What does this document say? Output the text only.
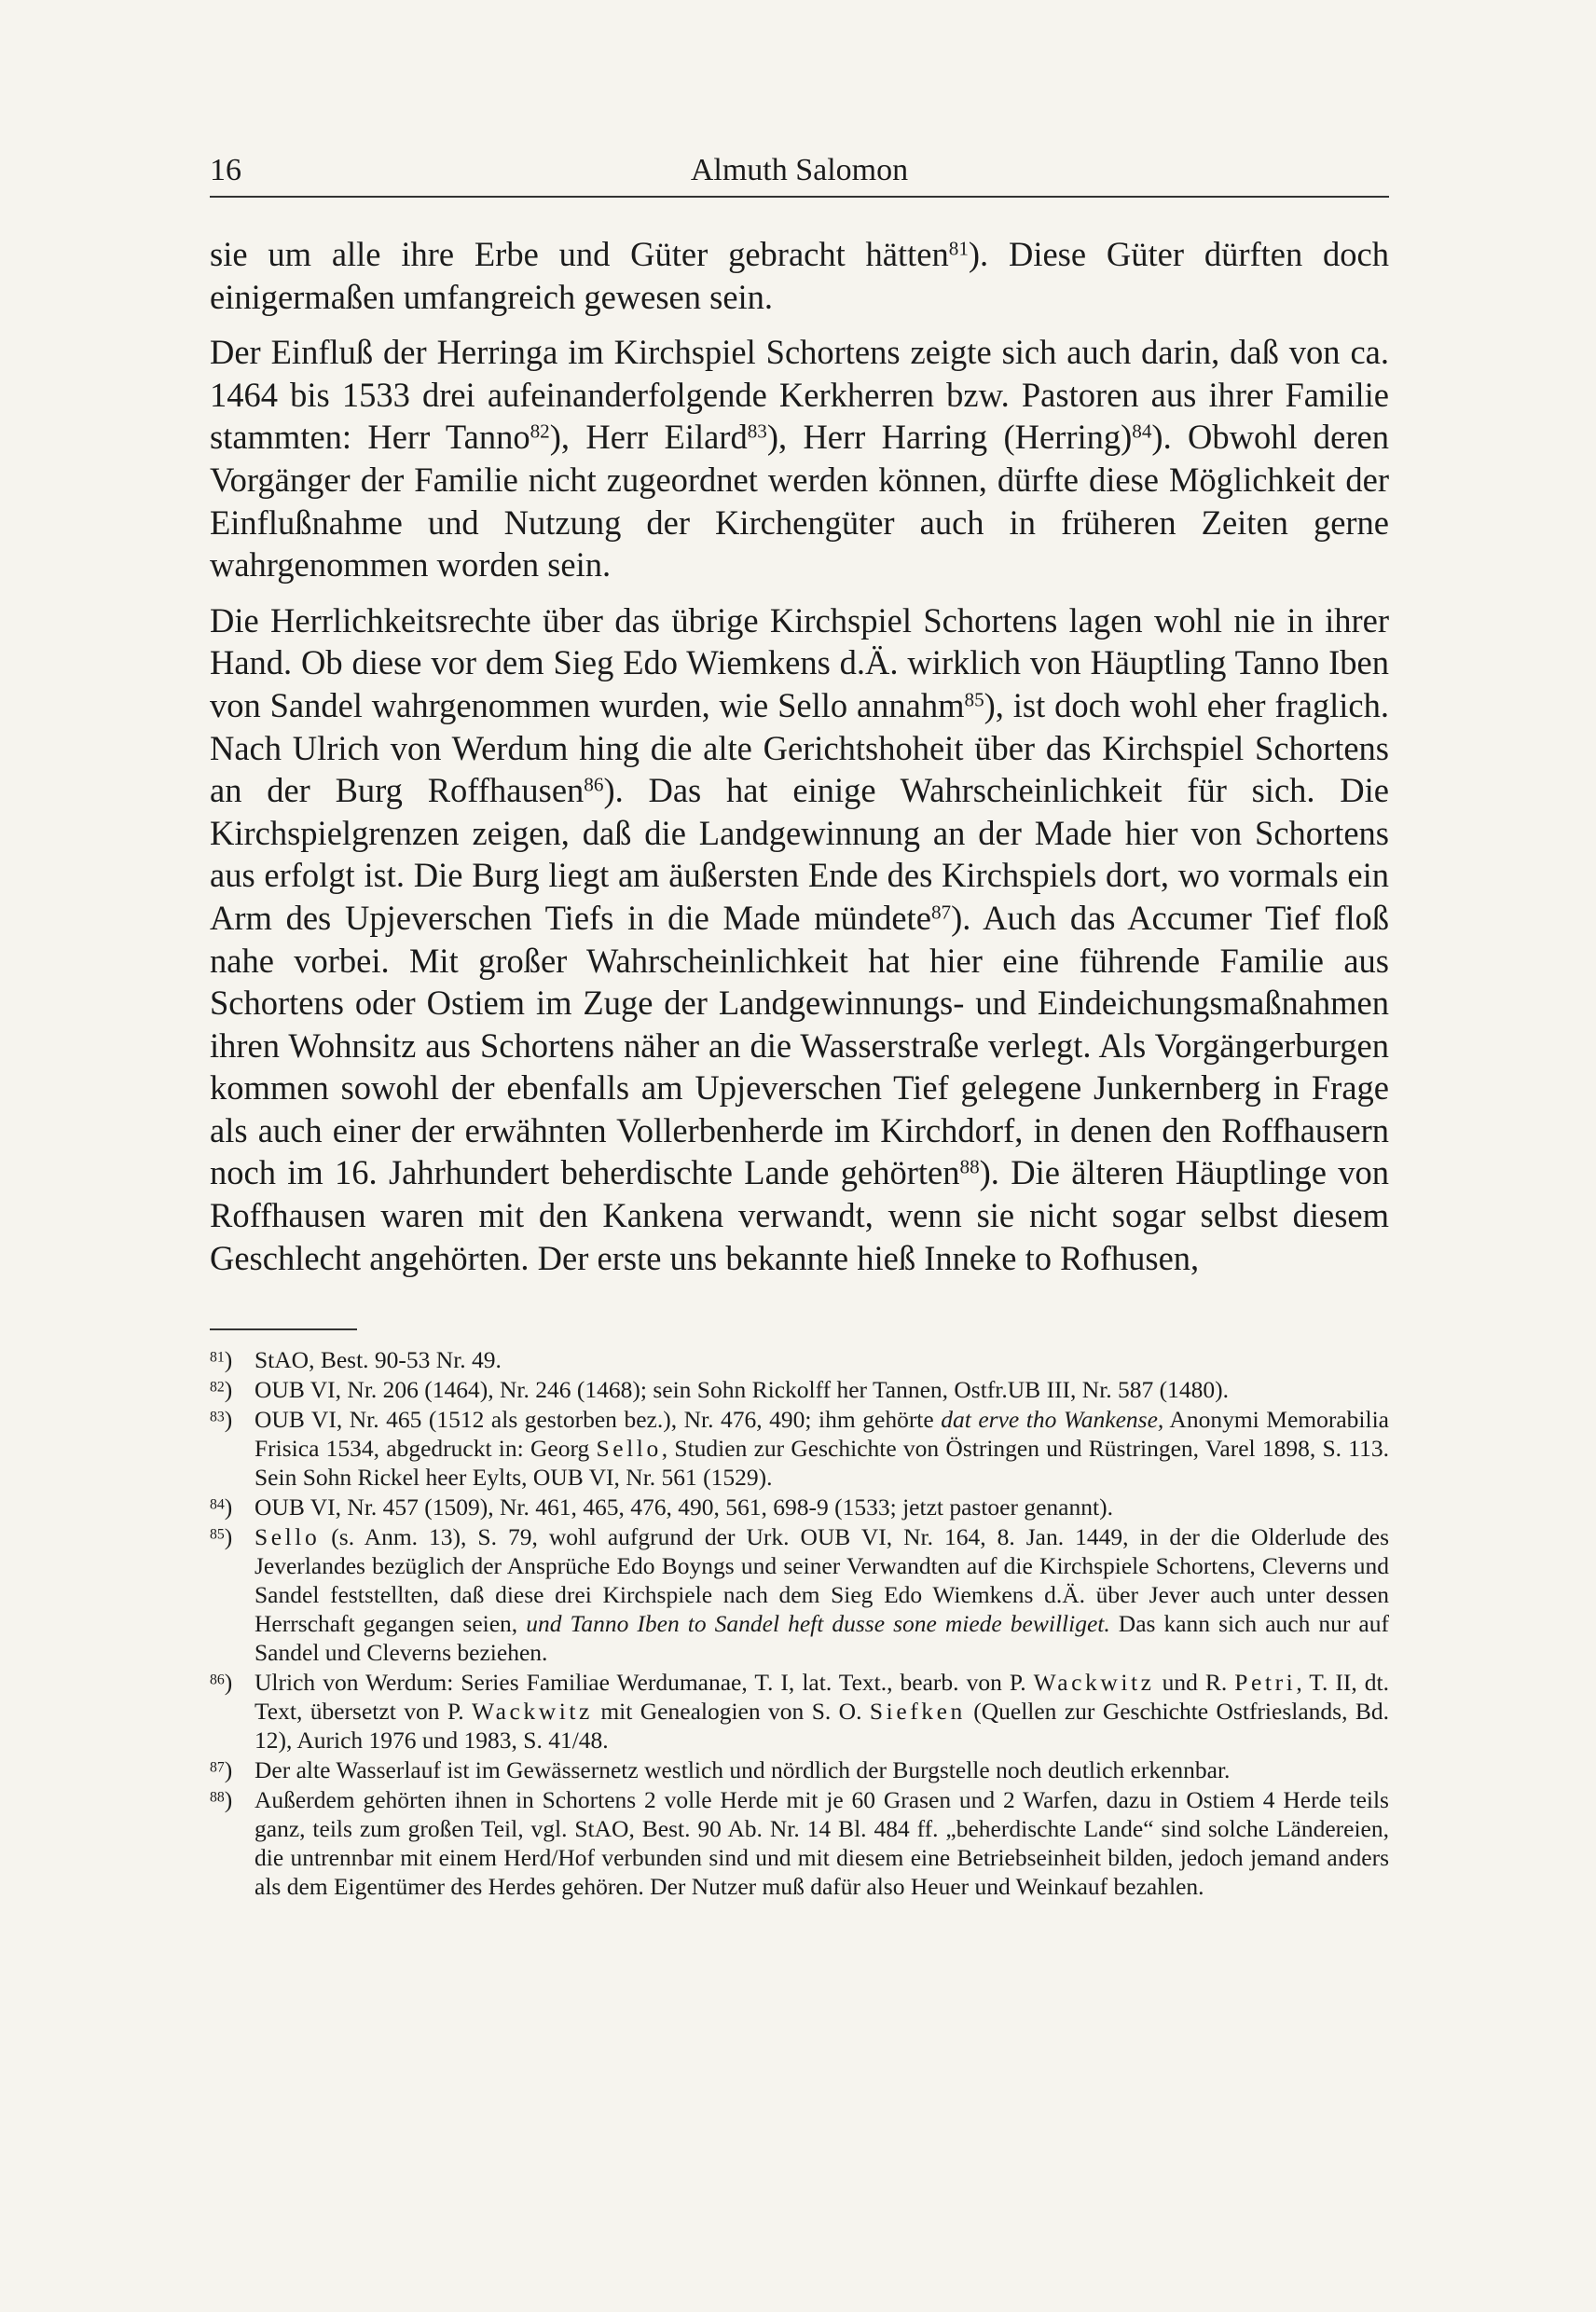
16	Almuth Salomon

sie um alle ihre Erbe und Güter gebracht hätten$^{81}$). Diese Güter dürften doch einigermaßen umfangreich gewesen sein.

Der Einfluß der Herringa im Kirchspiel Schortens zeigte sich auch darin, daß von ca. 1464 bis 1533 drei aufeinanderfolgende Kerkherren bzw. Pastoren aus ihrer Familie stammten: Herr Tanno$^{82}$), Herr Eilard$^{83}$), Herr Harring (Herring)$^{84}$). Obwohl deren Vorgänger der Familie nicht zugeordnet werden können, dürfte diese Möglichkeit der Einflußnahme und Nutzung der Kirchengüter auch in früheren Zeiten gerne wahrgenommen worden sein.

Die Herrlichkeitsrechte über das übrige Kirchspiel Schortens lagen wohl nie in ihrer Hand. Ob diese vor dem Sieg Edo Wiemkens d.Ä. wirklich von Häuptling Tanno Iben von Sandel wahrgenommen wurden, wie Sello annahm$^{85}$), ist doch wohl eher fraglich. Nach Ulrich von Werdum hing die alte Gerichtshoheit über das Kirchspiel Schortens an der Burg Roffhausen$^{86}$). Das hat einige Wahrscheinlichkeit für sich. Die Kirchspielgrenzen zeigen, daß die Landgewinnung an der Made hier von Schortens aus erfolgt ist. Die Burg liegt am äußersten Ende des Kirchspiels dort, wo vormals ein Arm des Upjeverschen Tiefs in die Made mündete$^{87}$). Auch das Accumer Tief floß nahe vorbei. Mit großer Wahrscheinlichkeit hat hier eine führende Familie aus Schortens oder Ostiem im Zuge der Landgewinnungs- und Eindeichungsmaßnahmen ihren Wohnsitz aus Schortens näher an die Wasserstraße verlegt. Als Vorgängerburgen kommen sowohl der ebenfalls am Upjeverschen Tief gelegene Junkernberg in Frage als auch einer der erwähnten Vollerbenherde im Kirchdorf, in denen den Roffhausern noch im 16. Jahrhundert beherdischte Lande gehörten$^{88}$). Die älteren Häuptlinge von Roffhausen waren mit den Kankena verwandt, wenn sie nicht sogar selbst diesem Geschlecht angehörten. Der erste uns bekannte hieß Inneke to Rofhusen,

$^{81}$) StAO, Best. 90-53 Nr. 49.
$^{82}$) OUB VI, Nr. 206 (1464), Nr. 246 (1468); sein Sohn Rickolff her Tannen, Ostfr.UB III, Nr. 587 (1480).
$^{83}$) OUB VI, Nr. 465 (1512 als gestorben bez.), Nr. 476, 490; ihm gehörte dat erve tho Wankense, Anonymi Memorabilia Frisica 1534, abgedruckt in: Georg Sello, Studien zur Geschichte von Östringen und Rüstringen, Varel 1898, S. 113. Sein Sohn Rickel heer Eylts, OUB VI, Nr. 561 (1529).
$^{84}$) OUB VI, Nr. 457 (1509), Nr. 461, 465, 476, 490, 561, 698-9 (1533; jetzt pastoer genannt).
$^{85}$) Sello (s. Anm. 13), S. 79, wohl aufgrund der Urk. OUB VI, Nr. 164, 8. Jan. 1449, in der die Olderlude des Jeverlandes bezüglich der Ansprüche Edo Boyngs und seiner Verwandten auf die Kirchspiele Schortens, Cleverns und Sandel feststellten, daß diese drei Kirchspiele nach dem Sieg Edo Wiemkens d.Ä. über Jever auch unter dessen Herrschaft gegangen seien, und Tanno Iben to Sandel heft dusse sone miede bewilliget. Das kann sich auch nur auf Sandel und Cleverns beziehen.
$^{86}$) Ulrich von Werdum: Series Familiae Werdumanae, T. I, lat. Text., bearb. von P. Wackwitz und R. Petri, T. II, dt. Text, übersetzt von P. Wackwitz mit Genealogien von S. O. Siefken (Quellen zur Geschichte Ostfrieslands, Bd. 12), Aurich 1976 und 1983, S. 41/48.
$^{87}$) Der alte Wasserlauf ist im Gewässernetz westlich und nördlich der Burgstelle noch deutlich erkennbar.
$^{88}$) Außerdem gehörten ihnen in Schortens 2 volle Herde mit je 60 Grasen und 2 Warfen, dazu in Ostiem 4 Herde teils ganz, teils zum großen Teil, vgl. StAO, Best. 90 Ab. Nr. 14 Bl. 484 ff. „beherdischte Lande“ sind solche Ländereien, die untrennbar mit einem Herd/Hof verbunden sind und mit diesem eine Betriebseinheit bilden, jedoch jemand anders als dem Eigentümer des Herdes gehören. Der Nutzer muß dafür also Heuer und Weinkauf bezahlen.
